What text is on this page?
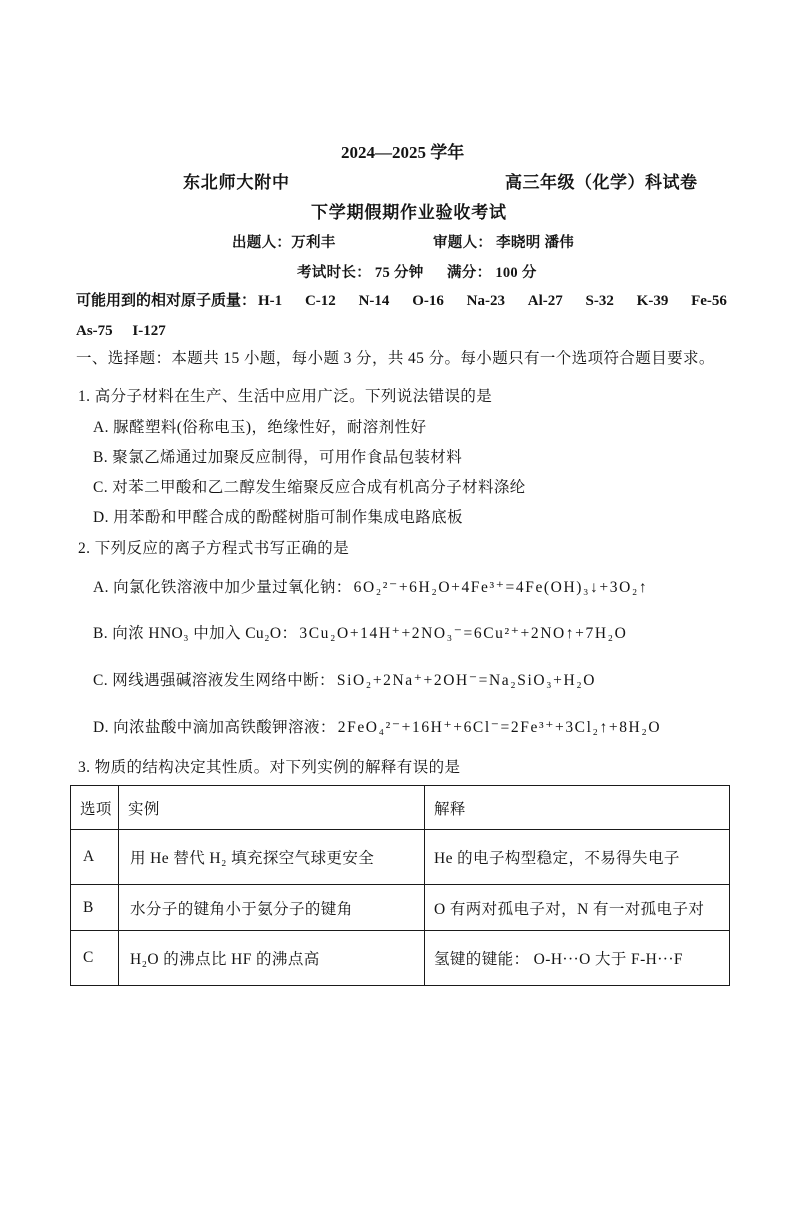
2024—2025 学年
东北师大附中	高三年级（化学）科试卷
下学期假期作业验收考试
出题人：万利丰	审题人： 李晓明 潘伟
考试时长： 75 分钟 满分： 100 分
可能用到的相对原子质量： H-1 C-12 N-14 O-16 Na-23 Al-27 S-32 K-39 Fe-56
As-75 I-127
一、选择题：本题共 15 小题，每小题 3 分，共 45 分。每小题只有一个选项符合题目要求。
1. 高分子材料在生产、生活中应用广泛。下列说法错误的是
A. 脲醛塑料(俗称电玉)，绝缘性好，耐溶剂性好
B. 聚氯乙烯通过加聚反应制得，可用作食品包装材料
C. 对苯二甲酸和乙二醇发生缩聚反应合成有机高分子材料涤纶
D. 用苯酚和甲醛合成的酚醛树脂可制作集成电路底板
2. 下列反应的离子方程式书写正确的是
A. 向氯化铁溶液中加少量过氧化钠： 6O₂²⁻+6H₂O+4Fe³⁺=4Fe(OH)₃↓+3O₂↑
B. 向浓 HNO₃ 中加入 Cu₂O： 3Cu₂O+14H⁺+2NO₃⁻=6Cu²⁺+2NO↑+7H₂O
C. 网线遇强碱溶液发生网络中断： SiO₂+2Na⁺+2OH⁻=Na₂SiO₃+H₂O
D. 向浓盐酸中滴加高铁酸钾溶液： 2FeO₄²⁻+16H⁺+6Cl⁻=2Fe³⁺+3Cl₂↑+8H₂O
3. 物质的结构决定其性质。对下列实例的解释有误的是
选项	实例	解释
A	用 He 替代 H₂ 填充探空气球更安全	He 的电子构型稳定，不易得失电子
B	水分子的键角小于氨分子的键角	O 有两对孤电子对，N 有一对孤电子对
C	H₂O 的沸点比 HF 的沸点高	氢键的键能： O-H···O 大于 F-H···F
